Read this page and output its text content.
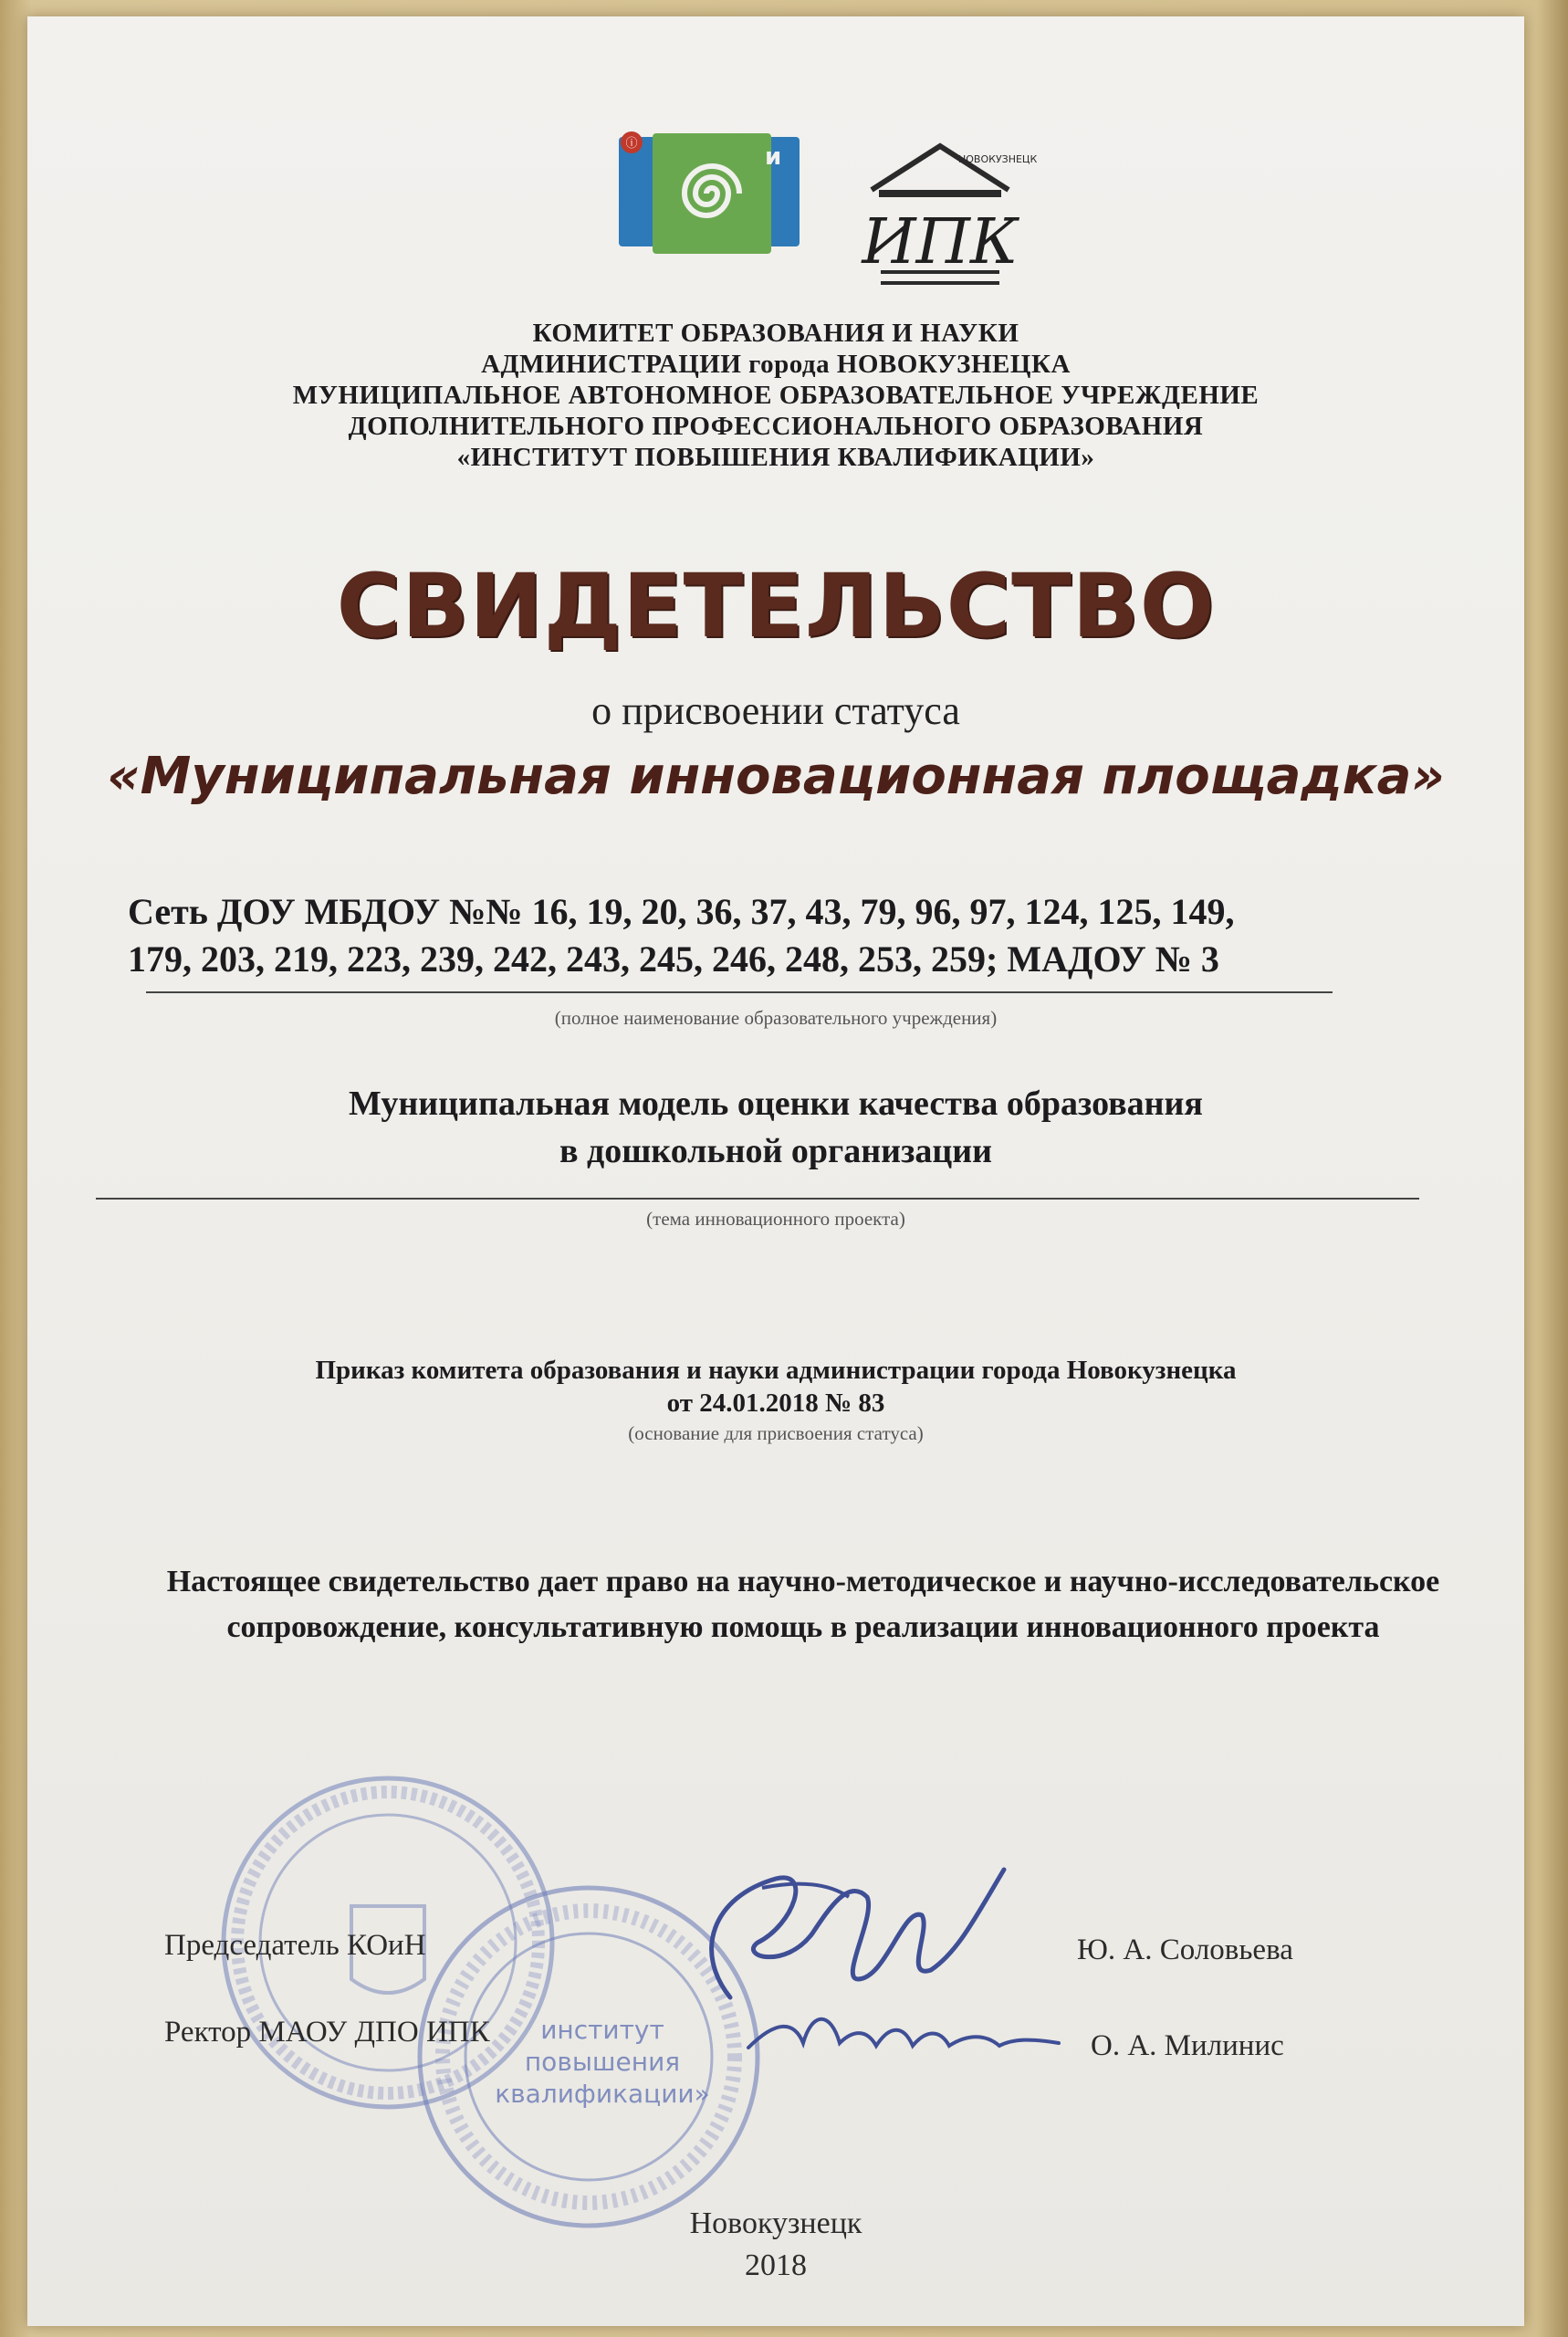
ⓘ	и	НОВОКУЗНЕЦК
ИПК
КОМИТЕТ ОБРАЗОВАНИЯ И НАУКИ
АДМИНИСТРАЦИИ города НОВОКУЗНЕЦКА
МУНИЦИПАЛЬНОЕ АВТОНОМНОЕ ОБРАЗОВАТЕЛЬНОЕ УЧРЕЖДЕНИЕ
ДОПОЛНИТЕЛЬНОГО ПРОФЕССИОНАЛЬНОГО ОБРАЗОВАНИЯ
«ИНСТИТУТ ПОВЫШЕНИЯ КВАЛИФИКАЦИИ»
СВИДЕТЕЛЬСТВО
о присвоении статуса
«Муниципальная инновационная площадка»
Сеть ДОУ МБДОУ №№ 16, 19, 20, 36, 37, 43, 79, 96, 97, 124, 125, 149,
179, 203, 219, 223, 239, 242, 243, 245, 246, 248, 253, 259; МАДОУ № 3
(полное наименование образовательного учреждения)
Муниципальная модель оценки качества образования
в дошкольной организации
(тема инновационного проекта)
Приказ комитета образования и науки администрации города Новокузнецка
от 24.01.2018 № 83
(основание для присвоения статуса)
Настоящее свидетельство дает право на научно-методическое и научно-исследовательское сопровождение, консультативную помощь в реализации инновационного проекта
институт
повышения
квалификации»
Председатель КОиН	Ю. А. Соловьева
Ректор МАОУ ДПО ИПК	О. А. Милинис
Новокузнецк
2018
